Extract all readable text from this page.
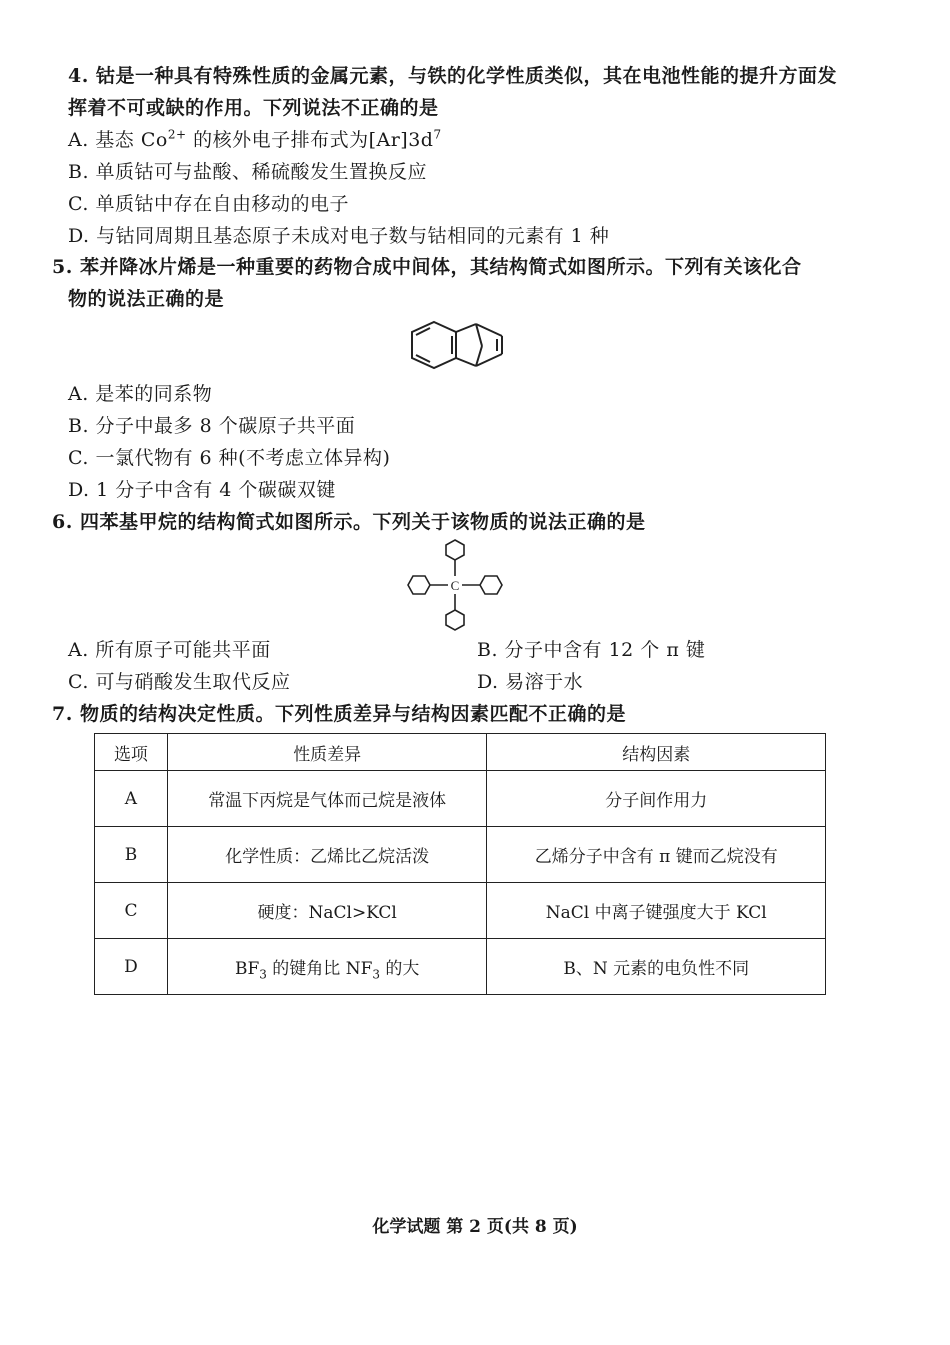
4. 钴是一种具有特殊性质的金属元素，与铁的化学性质类似，其在电池性能的提升方面发
挥着不可或缺的作用。下列说法不正确的是
A. 基态 $Co^{2+}$ 的核外电子排布式为$[Ar]3d^7$
B. 单质钴可与盐酸、稀硫酸发生置换反应
C. 单质钴中存在自由移动的电子
D. 与钴同周期且基态原子未成对电子数与钴相同的元素有 1 种
5. 苯并降冰片烯是一种重要的药物合成中间体，其结构简式如图所示。下列有关该化合
物的说法正确的是
A. 是苯的同系物
B. 分子中最多 8 个碳原子共平面
C. 一氯代物有 6 种(不考虑立体异构)
D. 1 分子中含有 4 个碳碳双键
6. 四苯基甲烷的结构简式如图所示。下列关于该物质的说法正确的是
C
A. 所有原子可能共平面	B. 分子中含有 12 个 π 键
C. 可与硝酸发生取代反应	D. 易溶于水
7. 物质的结构决定性质。下列性质差异与结构因素匹配不正确的是
选项	性质差异	结构因素
A	常温下丙烷是气体而己烷是液体	分子间作用力
B	化学性质：乙烯比乙烷活泼	乙烯分子中含有 π 键而乙烷没有
C	硬度：NaCl>KCl	NaCl 中离子键强度大于 KCl
D	$BF_3$ 的键角比 $NF_3$ 的大	B、N 元素的电负性不同
化学试题 第 2 页(共 8 页)
